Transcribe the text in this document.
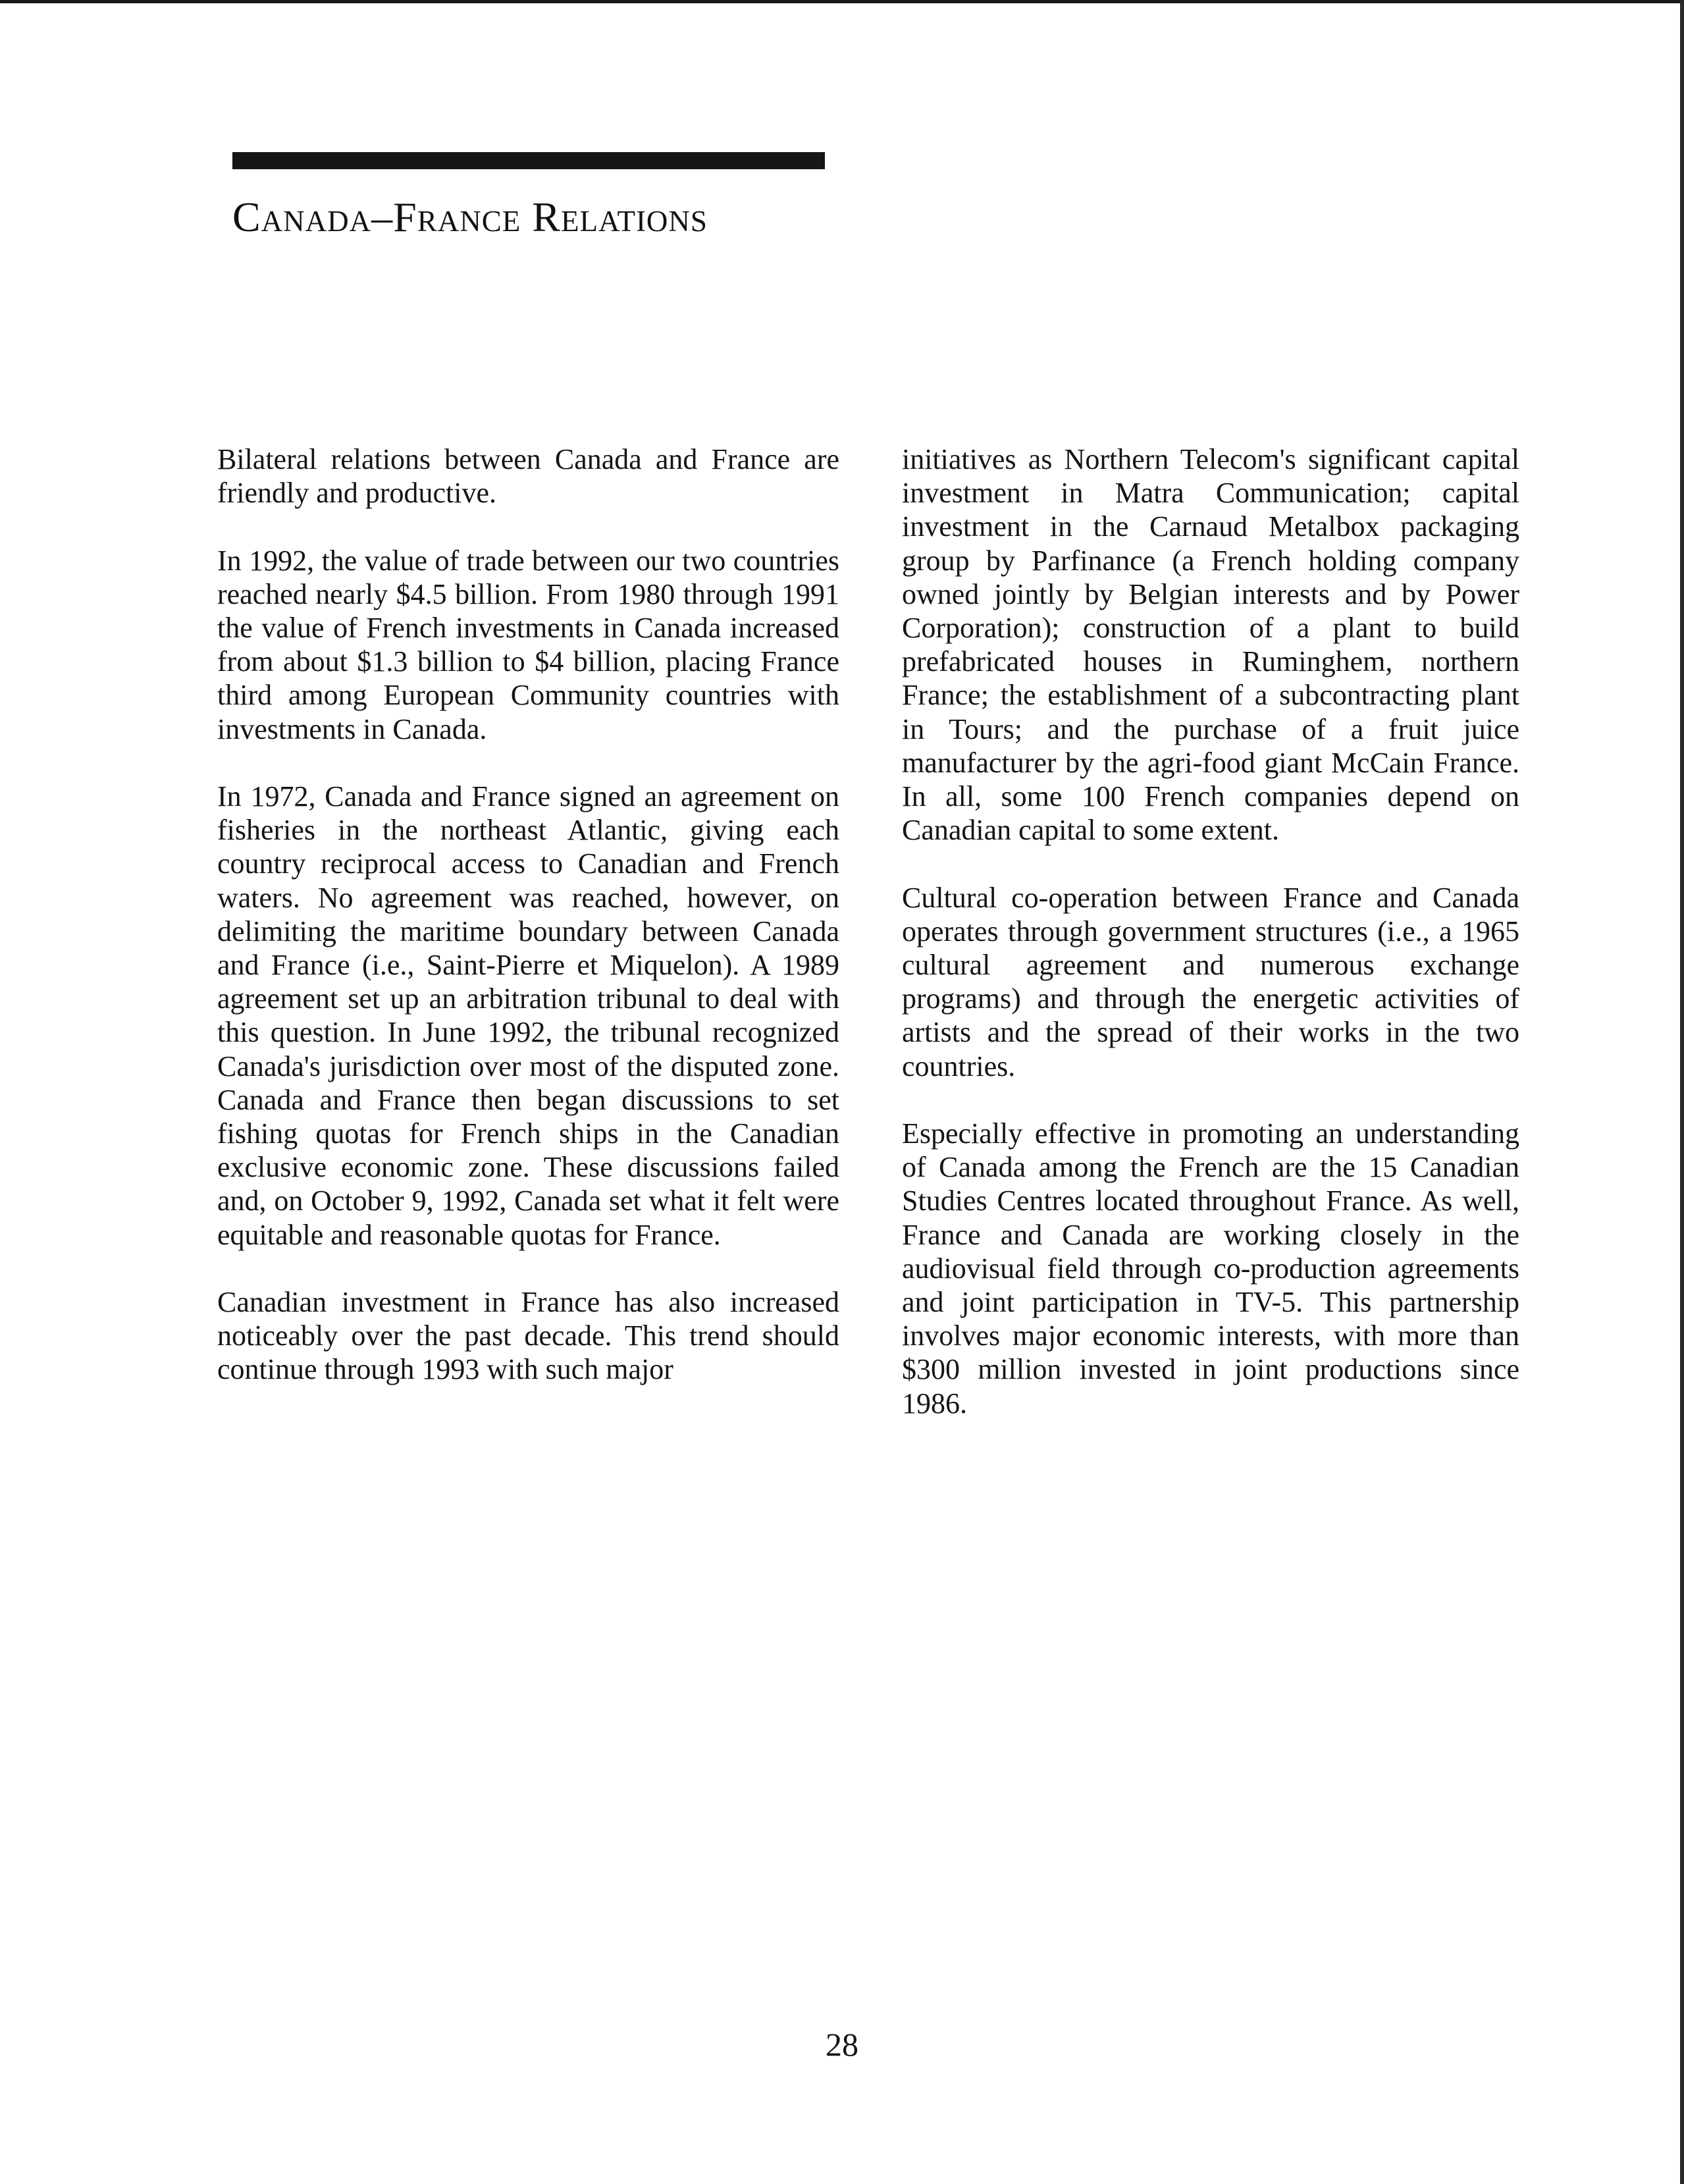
Canada–France Relations

Bilateral relations between Canada and France are friendly and productive.

In 1992, the value of trade between our two countries reached nearly $4.5 billion. From 1980 through 1991 the value of French investments in Canada increased from about $1.3 billion to $4 billion, placing France third among European Community countries with investments in Canada.

In 1972, Canada and France signed an agreement on fisheries in the northeast Atlantic, giving each country reciprocal access to Canadian and French waters. No agreement was reached, however, on delimiting the maritime boundary between Canada and France (i.e., Saint-Pierre et Miquelon). A 1989 agreement set up an arbitration tribunal to deal with this question. In June 1992, the tribunal recognized Canada's jurisdiction over most of the disputed zone. Canada and France then began discussions to set fishing quotas for French ships in the Canadian exclusive economic zone. These discussions failed and, on October 9, 1992, Canada set what it felt were equitable and reasonable quotas for France.

Canadian investment in France has also increased noticeably over the past decade. This trend should continue through 1993 with such major

initiatives as Northern Telecom's significant capital investment in Matra Communication; capital investment in the Carnaud Metalbox packaging group by Parfinance (a French holding company owned jointly by Belgian interests and by Power Corporation); construction of a plant to build prefabricated houses in Ruminghem, northern France; the establishment of a subcontracting plant in Tours; and the purchase of a fruit juice manufacturer by the agri-food giant McCain France. In all, some 100 French companies depend on Canadian capital to some extent.

Cultural co-operation between France and Canada operates through government structures (i.e., a 1965 cultural agreement and numerous exchange programs) and through the energetic activities of artists and the spread of their works in the two countries.

Especially effective in promoting an understanding of Canada among the French are the 15 Canadian Studies Centres located throughout France. As well, France and Canada are working closely in the audiovisual field through co-production agreements and joint participation in TV-5. This partnership involves major economic interests, with more than $300 million invested in joint productions since 1986.

28
